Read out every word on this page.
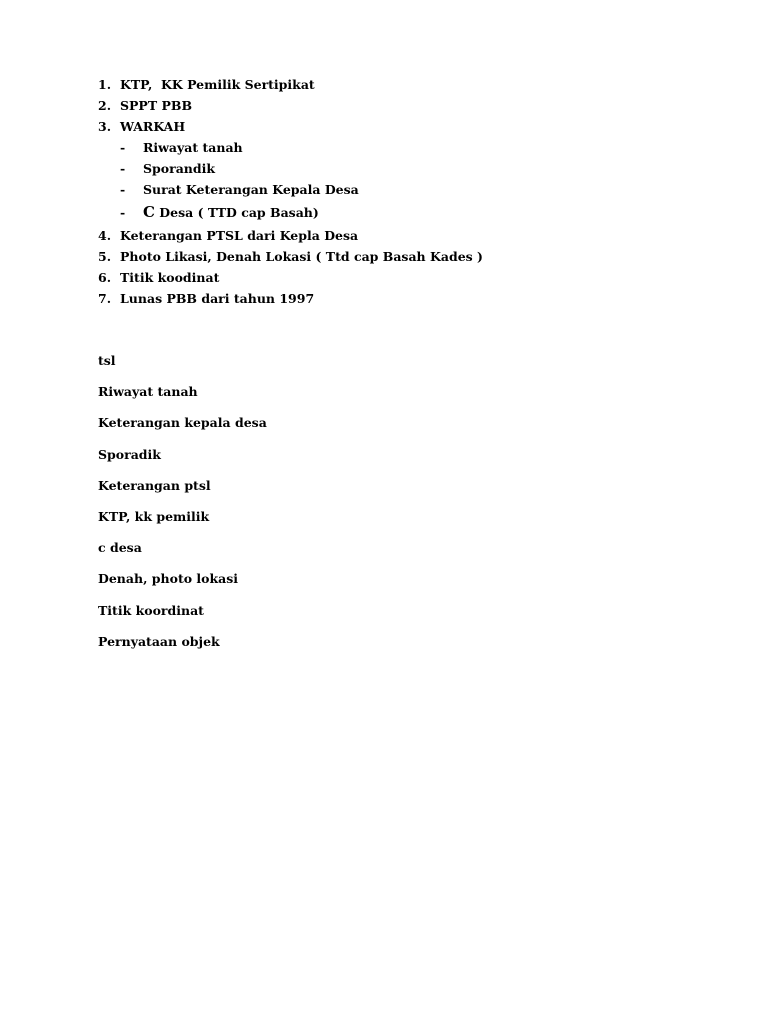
1. KTP,  KK Pemilik Sertipikat
2. SPPT PBB
3. WARKAH
- Riwayat tanah
- Sporandik
- Surat Keterangan Kepala Desa
- C Desa ( TTD cap Basah)
4. Keterangan PTSL dari Kepla Desa
5. Photo Likasi, Denah Lokasi ( Ttd cap Basah Kades )
6. Titik koodinat
7. Lunas PBB dari tahun 1997
tsl
Riwayat tanah
Keterangan kepala desa
Sporadik
Keterangan ptsl
KTP, kk pemilik
c desa
Denah, photo lokasi
Titik koordinat
Pernyataan objek
